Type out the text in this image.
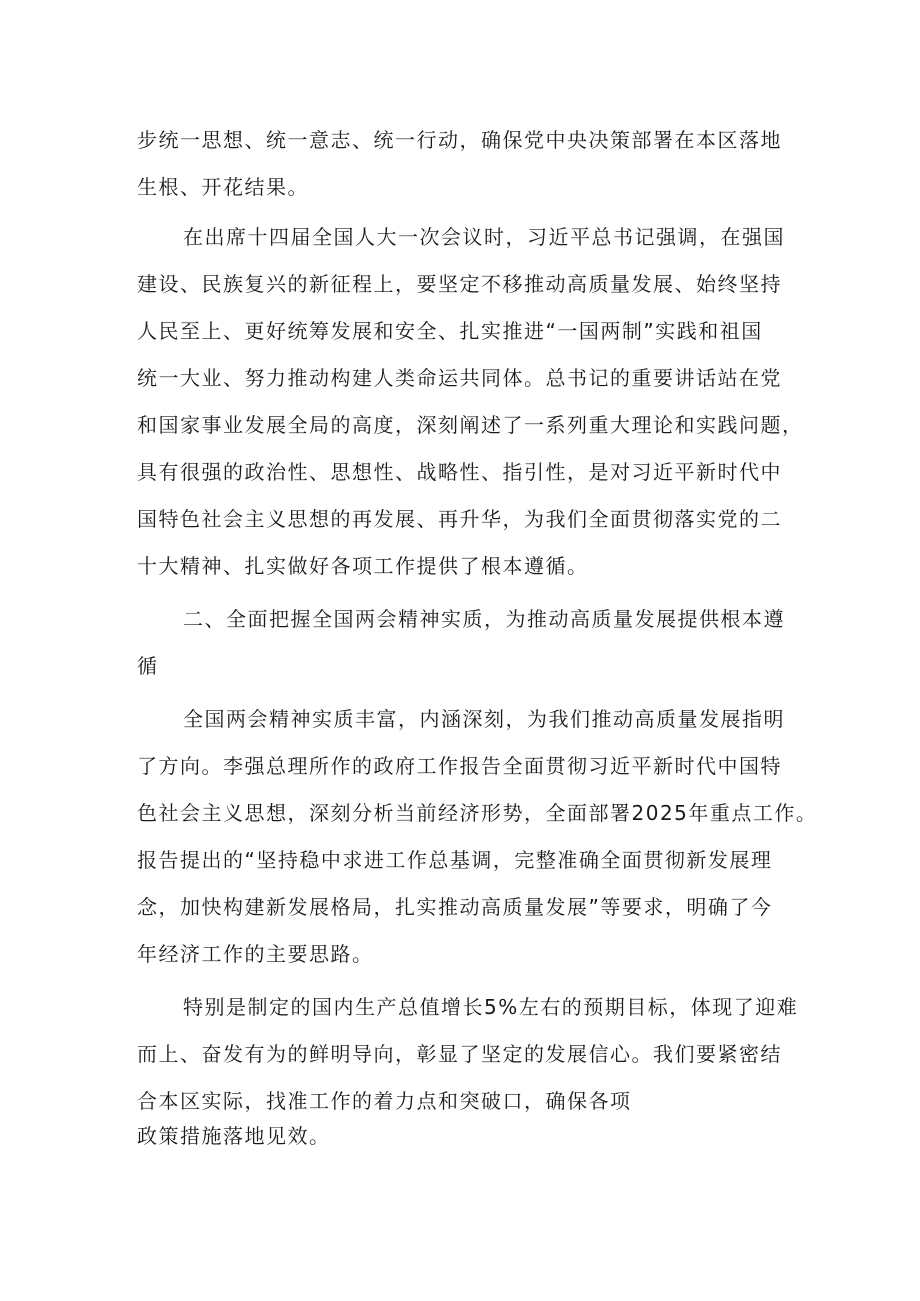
步统一思想、统一意志、统一行动，确保党中央决策部署在本区落地

生根、开花结果。

在出席十四届全国人大一次会议时，习近平总书记强调，在强国

建设、民族复兴的新征程上，要坚定不移推动高质量发展、始终坚持

人民至上、更好统筹发展和安全、扎实推进“一国两制”实践和祖国

统一大业、努力推动构建人类命运共同体。总书记的重要讲话站在党

和国家事业发展全局的高度，深刻阐述了一系列重大理论和实践问题，

具有很强的政治性、思想性、战略性、指引性，是对习近平新时代中

国特色社会主义思想的再发展、再升华，为我们全面贯彻落实党的二

十大精神、扎实做好各项工作提供了根本遵循。

二、全面把握全国两会精神实质，为推动高质量发展提供根本遵

循

全国两会精神实质丰富，内涵深刻，为我们推动高质量发展指明

了方向。李强总理所作的政府工作报告全面贯彻习近平新时代中国特

色社会主义思想，深刻分析当前经济形势，全面部署2025年重点工作。

报告提出的“坚持稳中求进工作总基调，完整准确全面贯彻新发展理

念，加快构建新发展格局，扎实推动高质量发展”等要求，明确了今

年经济工作的主要思路。

特别是制定的国内生产总值增长5%左右的预期目标，体现了迎难

而上、奋发有为的鲜明导向，彰显了坚定的发展信心。我们要紧密结

合本区实际，找准工作的着力点和突破口，确保各项

政策措施落地见效。
